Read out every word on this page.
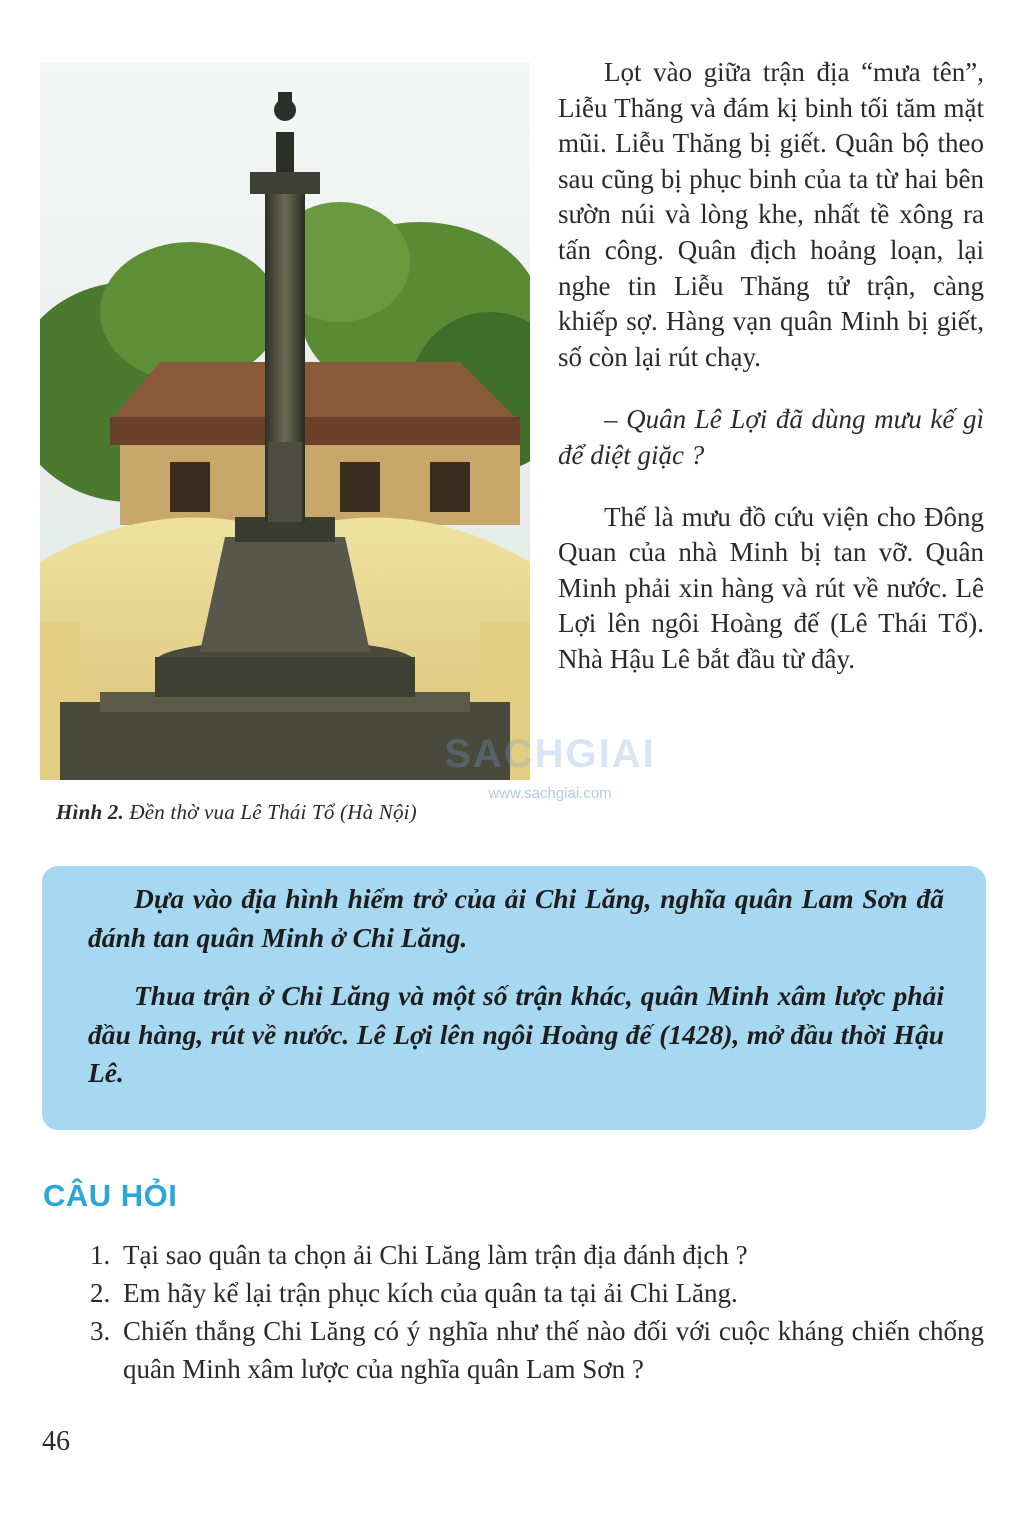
Hình 2. Đền thờ vua Lê Thái Tổ (Hà Nội)

Lọt vào giữa trận địa “mưa tên”, Liễu Thăng và đám kị binh tối tăm mặt mũi. Liễu Thăng bị giết. Quân bộ theo sau cũng bị phục binh của ta từ hai bên sườn núi và lòng khe, nhất tề xông ra tấn công. Quân địch hoảng loạn, lại nghe tin Liễu Thăng tử trận, càng khiếp sợ. Hàng vạn quân Minh bị giết, số còn lại rút chạy.

– Quân Lê Lợi đã dùng mưu kế gì để diệt giặc ?

Thế là mưu đồ cứu viện cho Đông Quan của nhà Minh bị tan vỡ. Quân Minh phải xin hàng và rút về nước. Lê Lợi lên ngôi Hoàng đế (Lê Thái Tổ). Nhà Hậu Lê bắt đầu từ đây.

SACHGIAI
www.sachgiai.com

Dựa vào địa hình hiểm trở của ải Chi Lăng, nghĩa quân Lam Sơn đã đánh tan quân Minh ở Chi Lăng.

Thua trận ở Chi Lăng và một số trận khác, quân Minh xâm lược phải đầu hàng, rút về nước. Lê Lợi lên ngôi Hoàng đế (1428), mở đầu thời Hậu Lê.

CÂU HỎI
1. Tại sao quân ta chọn ải Chi Lăng làm trận địa đánh địch ?
2. Em hãy kể lại trận phục kích của quân ta tại ải Chi Lăng.
3. Chiến thắng Chi Lăng có ý nghĩa như thế nào đối với cuộc kháng chiến chống quân Minh xâm lược của nghĩa quân Lam Sơn ?
46
